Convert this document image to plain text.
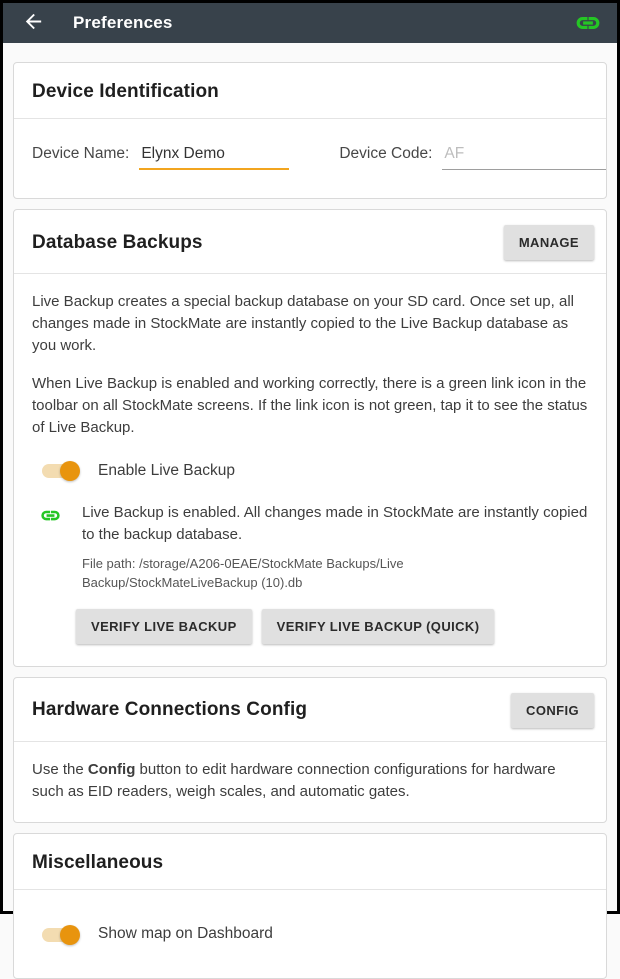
Preferences
Device Identification
Device Name:
Elynx Demo	Device Code:
AF
Database Backups	MANAGE

Live Backup creates a special backup database on your SD card. Once set up, all changes made in StockMate are instantly copied to the Live Backup database as you work.

When Live Backup is enabled and working correctly, there is a green link icon in the toolbar on all StockMate screens. If the link icon is not green, tap it to see the status of Live Backup.

Enable Live Backup
Live Backup is enabled. All changes made in StockMate are instantly copied to the backup database.
File path: /storage/A206-0EAE/StockMate Backups/Live Backup/StockMateLiveBackup (10).db
VERIFY LIVE BACKUP	VERIFY LIVE BACKUP (QUICK)
Hardware Connections Config	CONFIG

Use the Config button to edit hardware connection configurations for hardware such as EID readers, weigh scales, and automatic gates.

Miscellaneous
Show map on Dashboard
